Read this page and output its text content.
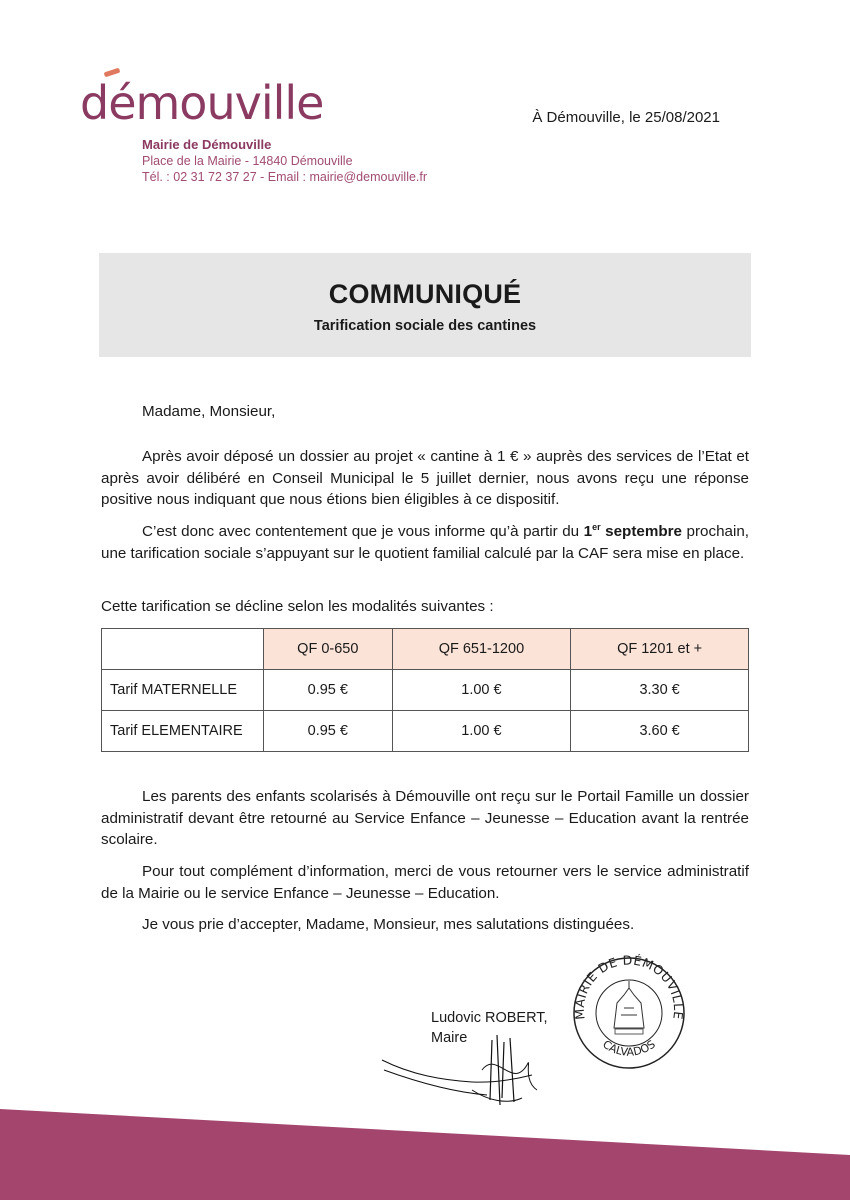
démouville
Mairie de Démouville
Place de la Mairie - 14840 Démouville
Tél. : 02 31 72 37 27 - Email : mairie@demouville.fr
À Démouville, le 25/08/2021
COMMUNIQUÉ
Tarification sociale des cantines
Madame, Monsieur,
Après avoir déposé un dossier au projet « cantine à 1 € » auprès des services de l’Etat et après avoir délibéré en Conseil Municipal le 5 juillet dernier, nous avons reçu une réponse positive nous indiquant que nous étions bien éligibles à ce dispositif.
C’est donc avec contentement que je vous informe qu’à partir du 1er septembre prochain, une tarification sociale s’appuyant sur le quotient familial calculé par la CAF sera mise en place.
Cette tarification se décline selon les modalités suivantes :
	QF 0-650	QF 651-1200	QF 1201 et +
Tarif MATERNELLE	0.95 €	1.00 €	3.30 €
Tarif ELEMENTAIRE	0.95 €	1.00 €	3.60 €
Les parents des enfants scolarisés à Démouville ont reçu sur le Portail Famille un dossier administratif devant être retourné au Service Enfance – Jeunesse – Education avant la rentrée scolaire.
Pour tout complément d’information, merci de vous retourner vers le service administratif de la Mairie ou le service Enfance – Jeunesse – Education.
Je vous prie d’accepter, Madame, Monsieur, mes salutations distinguées.
Ludovic ROBERT,
Maire
MAIRIE DE DÉMOUVILLE
CALVADOS
